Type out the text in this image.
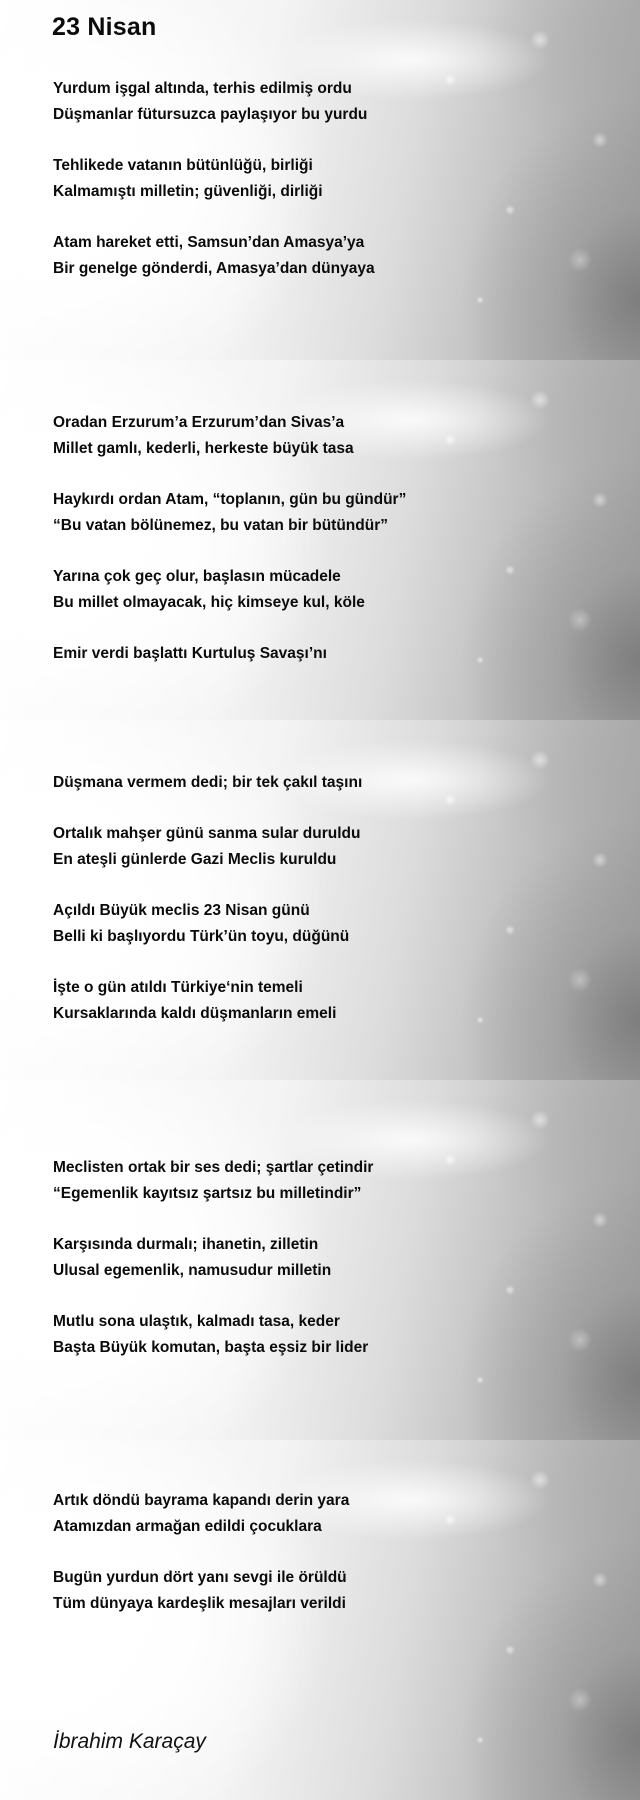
23 Nisan

Yurdum işgal altında, terhis edilmiş ordu
Düşmanlar fütursuzca paylaşıyor bu yurdu

Tehlikede vatanın bütünlüğü, birliği
Kalmamıştı milletin; güvenliği, dirliği

Atam hareket etti, Samsun’dan Amasya’ya
Bir genelge gönderdi, Amasya’dan dünyaya

Oradan Erzurum’a Erzurum’dan Sivas’a
Millet gamlı, kederli, herkeste büyük tasa

Haykırdı ordan Atam, “toplanın, gün bu gündür”
“Bu vatan bölünemez, bu vatan bir bütündür”

Yarına çok geç olur, başlasın mücadele
Bu millet olmayacak, hiç kimseye kul, köle

Emir verdi başlattı Kurtuluş Savaşı’nı

Düşmana vermem dedi; bir tek çakıl taşını

Ortalık mahşer günü sanma sular duruldu
En ateşli günlerde Gazi Meclis kuruldu

Açıldı Büyük meclis 23 Nisan günü
Belli ki başlıyordu Türk’ün toyu, düğünü

İşte o gün atıldı Türkiye‘nin temeli
Kursaklarında kaldı düşmanların emeli

Meclisten ortak bir ses dedi; şartlar çetindir
“Egemenlik kayıtsız şartsız bu milletindir”

Karşısında durmalı; ihanetin, zilletin
Ulusal egemenlik, namusudur milletin

Mutlu sona ulaştık, kalmadı tasa, keder
Başta Büyük komutan, başta eşsiz bir lider

Artık döndü bayrama kapandı derin yara
Atamızdan armağan edildi çocuklara

Bugün yurdun dört yanı sevgi ile örüldü
Tüm dünyaya kardeşlik mesajları verildi

İbrahim Karaçay
